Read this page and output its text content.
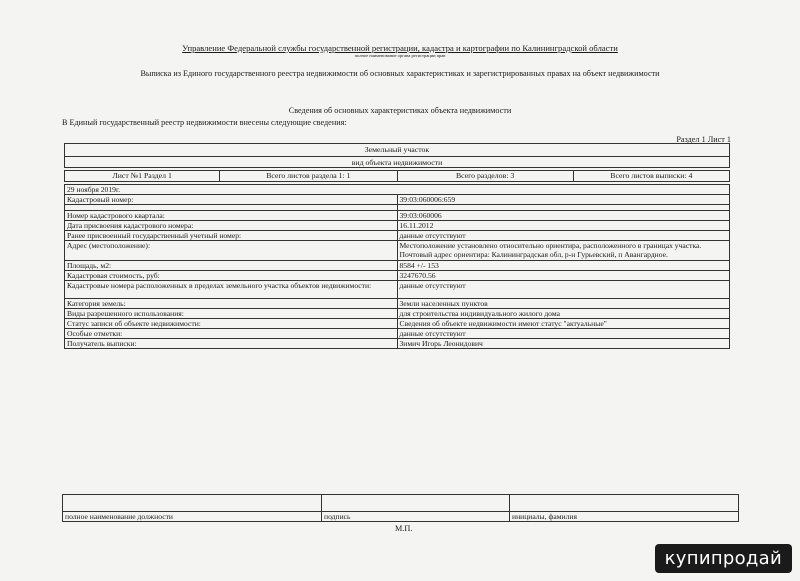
Управление Федеральной службы государственной регистрации, кадастра и картографии по Калининградской области
полное наименование органа регистрации прав
Выписка из Единого государственного реестра недвижимости об основных характеристиках и зарегистрированных правах на объект недвижимости
Сведения об основных характеристиках объекта недвижимости
В Единый государственный реестр недвижимости внесены следующие сведения:
Раздел 1 Лист 1
Земельный участок
вид объекта недвижимости
Лист №1 Раздел 1	Всего листов раздела 1: 1	Всего разделов: 3	Всего листов выписки: 4
29 ноября 2019г.	
Кадастровый номер:	39:03:060006:659

Номер кадастрового квартала:	39:03:060006
Дата присвоения кадастрового номера:	16.11.2012
Ранее присвоенный государственный учетный номер:	данные отсутствуют
Адрес (местоположение):	Местоположение установлено относительно ориентира, расположенного в границах участка. Почтовый адрес ориентира: Калининградская обл, р-н Гурьевский, п Авангардное.
Площадь, м2:	8584 +/- 153
Кадастровая стоимость, руб:	3247670.56
Кадастровые номера расположенных в пределах земельного участка объектов недвижимости:	данные отсутствуют
Категория земель:	Земли населенных пунктов
Виды разрешенного использования:	для строительства индивидуального жилого дома
Статус записи об объекте недвижимости:	Сведения об объекте недвижимости имеют статус "актуальные"
Особые отметки:	данные отсутствуют
Получатель выписки:	Зимич Игорь Леонидович

полное наименование должности	подпись	инициалы, фамилия
М.П.
купипродай
